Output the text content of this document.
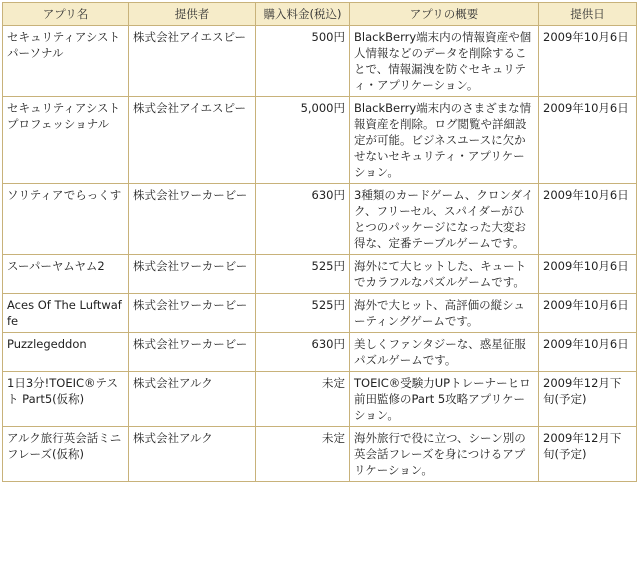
アプリ名	提供者	購入料金(税込)	アプリの概要	提供日
セキュリティアシストパーソナル	株式会社アイエスピー	500円	BlackBerry端末内の情報資産や個人情報などのデータを削除することで、情報漏洩を防ぐセキュリティ・アプリケーション。	2009年10月6日
セキュリティアシストプロフェッショナル	株式会社アイエスピー	5,000円	BlackBerry端末内のさまざまな情報資産を削除。ログ閲覧や詳細設定が可能。ビジネスユースに欠かせないセキュリティ・アプリケーション。	2009年10月6日
ソリティアでらっくす	株式会社ワーカービー	630円	3種類のカードゲーム、クロンダイク、フリーセル、スパイダーがひとつのパッケージになった大変お得な、定番テーブルゲームです。	2009年10月6日
スーパーヤムヤム2	株式会社ワーカービー	525円	海外にて大ヒットした、キュートでカラフルなパズルゲームです。	2009年10月6日
Aces Of The Luftwaffe	株式会社ワーカービー	525円	海外で大ヒット、高評価の縦シューティングゲームです。	2009年10月6日
Puzzlegeddon	株式会社ワーカービー	630円	美しくファンタジーな、惑星征服パズルゲームです。	2009年10月6日
1日3分!TOEIC®テスト Part5(仮称)	株式会社アルク	未定	TOEIC®受験力UPトレーナーヒロ前田監修のPart 5攻略アプリケーション。	2009年12月下旬(予定)
アルク旅行英会話ミニフレーズ(仮称)	株式会社アルク	未定	海外旅行で役に立つ、シーン別の英会話フレーズを身につけるアプリケーション。	2009年12月下旬(予定)
